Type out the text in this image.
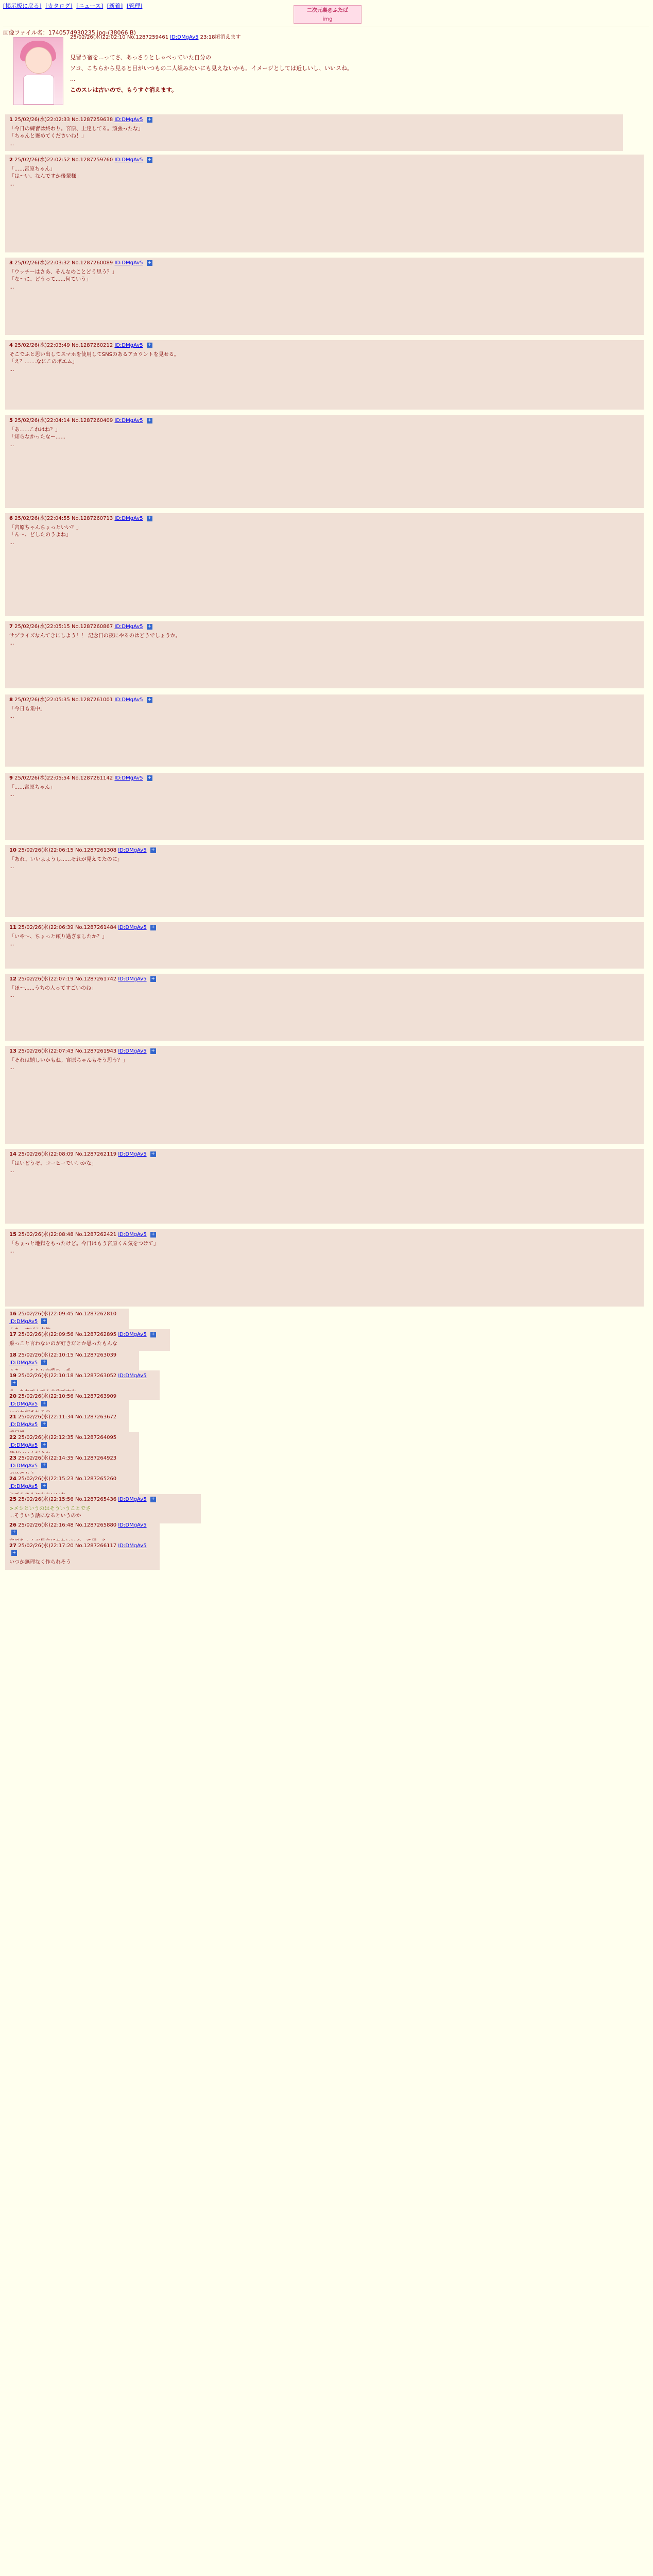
[掲示板に戻る] [カタログ] [ニュース] [新着] [管理]
二次元裏@ふたば
img
画像ファイル名：1740574930235.jpg-(38066 B)
25/02/26(水)22:02:10 No.1287259461 ID:DMgAv5 23:18頃消えます

見習う宿を...ってさ、あっさりとしゃべっていた自分の

ソコ、こちらから見ると目がいつもの二人組みたいにも見えないかも。イメージとしては近しいし、いいスね。

...

このスレは古いので、もうすぐ消えます。

1 25/02/26(水)22:02:33 No.1287259638 ID:DMgAv5 +
「今日の練習は終わり。宮原、上達してる。頑張ったな」
「ちゃんと褒めてくださいね！」
...
2 25/02/26(水)22:02:52 No.1287259760 ID:DMgAv5 +
「......宮原ちゃん」
「は～い、なんですか後輩様」
...
3 25/02/26(水)22:03:32 No.1287260089 ID:DMgAv5 +
「ウッチーはさあ、そんなのことどう思う？」
「な～に、どうって......何ていう」
...
4 25/02/26(水)22:03:49 No.1287260212 ID:DMgAv5 +
そこでふと思い出してスマホを使用してSNSのあるアカウントを見せる。
「え？.......なにこのポエム」
...
5 25/02/26(水)22:04:14 No.1287260409 ID:DMgAv5 +
「あ......これはね？」
「知らなかったなー......
...
6 25/02/26(水)22:04:55 No.1287260713 ID:DMgAv5 +
「宮原ちゃんちょっといい？」
「ん～、どしたのうよね」
...
7 25/02/26(水)22:05:15 No.1287260867 ID:DMgAv5 +
サプライズなんてきにしよう！！ 記念日の夜にやるのはどうでしょうか。
...
8 25/02/26(水)22:05:35 No.1287261001 ID:DMgAv5 +
「今日も集中」
...
9 25/02/26(水)22:05:54 No.1287261142 ID:DMgAv5 +
「......宮原ちゃん」
...
10 25/02/26(水)22:06:15 No.1287261308 ID:DMgAv5 +
「あれ、いいよようし......それが見えてたのに」
...
11 25/02/26(水)22:06:39 No.1287261484 ID:DMgAv5 +
「いや～、ちょっと頼り過ぎましたか？」
...
12 25/02/26(水)22:07:19 No.1287261742 ID:DMgAv5 +
「ほ～......うちの人ってすごいのね」
...
13 25/02/26(水)22:07:43 No.1287261943 ID:DMgAv5 +
「それは嬉しいかもね。宮原ちゃんもそう思う？」
...
14 25/02/26(水)22:08:09 No.1287262119 ID:DMgAv5 +
「はいどうぞ、コーヒーでいいかな」
...
15 25/02/26(水)22:08:48 No.1287262421 ID:DMgAv5 +
「ちょっと地獄をもったけど。今日はもう宮原くん気をつけて」
...
16 25/02/26(水)22:09:45 No.1287262810 ID:DMgAv5 +
17 25/02/26(水)22:09:56 No.1287262895 ID:DMgAv5 +
乗っこと言わないのが好きだとか思ったもんな
18 25/02/26(水)22:10:15 No.1287263039 ID:DMgAv5 +
19 25/02/26(水)22:10:18 No.1287263052 ID:DMgAv5 +
20 25/02/26(水)22:10:56 No.1287263909 ID:DMgAv5 +
21 25/02/26(水)22:11:34 No.1287263672 ID:DMgAv5 +
22 25/02/26(水)22:12:35 No.1287264095 ID:DMgAv5 +
23 25/02/26(水)22:14:35 No.1287264923 ID:DMgAv5 +
24 25/02/26(水)22:15:23 No.1287265260 ID:DMgAv5 +
25 25/02/26(水)22:15:56 No.1287265436 ID:DMgAv5 +
>メシというのはそういうことでさ
...そういう話になるというのか
26 25/02/26(水)22:16:48 No.1287265880 ID:DMgAv5 +
27 25/02/26(水)22:17:20 No.1287266117 ID:DMgAv5 +
いつか無理なく作られそう
